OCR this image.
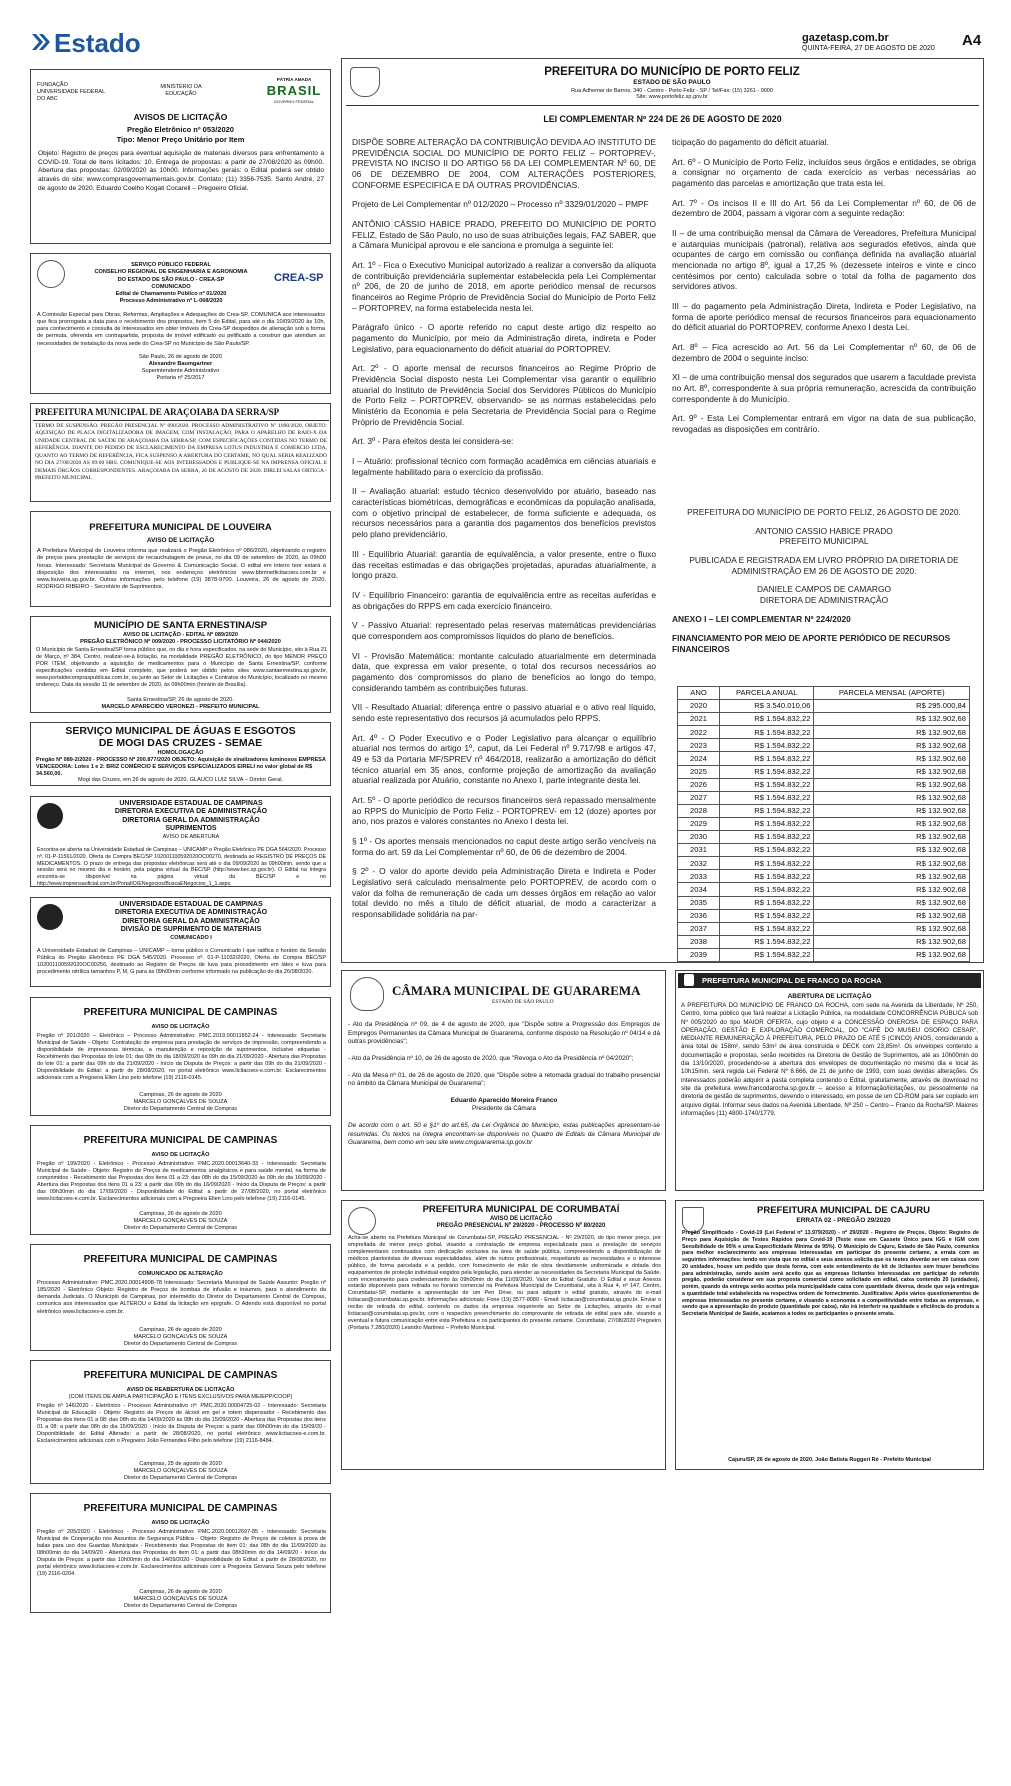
Estado	gazetasp.com.br
QUINTA-FEIRA, 27 DE AGOSTO DE 2020 A4
FUNDAÇÃO UNIVERSIDADE FEDERAL DO ABC
MINISTÉRIO DA EDUCAÇÃO
PÁTRIA AMADA
BRASIL
GOVERNO FEDERAL
AVISOS DE LICITAÇÃO
Pregão Eletrônico nº 053/2020
Tipo: Menor Preço Unitário por Item
Objeto: Registro de preços para eventual aquisição de materiais diversos para enfrentamento a COVID-19. Total de Itens licitados: 10. Entrega de propostas: a partir de 27/08/2020 às 09h00. Abertura das propostas: 02/09/2020 às 10h00. Informações gerais: o Edital poderá ser obtido através do site: www.comprasgovernamentais.gov.br. Contato: (11) 3356-7535. Santo André, 27 de agosto de 2020. Eduardo Coelho Kogati Cocareli – Pregoeiro Oficial.
SERVIÇO PÚBLICO FEDERAL
CONSELHO REGIONAL DE ENGENHARIA E AGRONOMIA
DO ESTADO DE SÃO PAULO - CREA-SP
COMUNICADO
Edital de Chamamento Público nº 01/2020
Processo Administrativo nº L-068/2020
CREA-SP
A Comissão Especial para Obras, Reformas, Ampliações e Adequações do Crea-SP, COMUNICA aos interessados que fica prorrogada a data para o recebimento dos propostos, item 5 do Edital, para até o dia 10/09/2020 às 10h, para conhecimento e consulta de interessados em obter imóveis do Crea-SP despeditos de alienação sob a forma de permuta, oferenda em contrapartida, proposta de imóvel edificado ou pelificado a construir que atendam as necessidades de instalação da nova sede do Crea-SP no Município de São Paulo/SP.
São Paulo, 26 de agosto de 2020
Alexandre Baumgartner
Superintendente Administrativo
Portaria nº 25/2017
PREFEITURA MUNICIPAL DE ARAÇOIABA DA SERRA/SP
TERMO DE SUSPENSÃO. PREGÃO PRESENCIAL Nº 090/2020. PROCESSO ADMINISTRATIVO Nº 1090/2020. OBJETO: AQUISIÇÃO DE PLACA DIGITALIZADORA DE IMAGEM, COM INSTALAÇÃO, PARA O APARELHO DE RAIO-X DA UNIDADE CENTRAL DE SAÚDE DE ARAÇOIABA DA SERRA/SP, COM ESPECIFICAÇÕES CONTIDAS NO TERMO DE REFERÊNCIA. DIANTE DO PEDIDO DE ESCLARECIMENTO DA EMPRESA LOTUS INDUSTRIA E COMERCIO LTDA, QUANTO AO TERMO DE REFERÊNCIA, FICA SUSPENSO A ABERTURA DO CERTAME, NO QUAL SERIA REALIZADO NO DIA 27/08/2020 AS 09:00 HRS. COMUNIQUE-SE AOS INTERESSADOS E PUBLIQUE-SE NA IMPRENSA OFICIAL E DEMAIS ÓRGÃOS CORRESPONDENTES. ARAÇOIABA DA SERRA, 26 DE AGOSTO DE 2020. DIRLEI SALAS ORTEGA - PREFEITO MUNICIPAL
PREFEITURA MUNICIPAL DE LOUVEIRA
AVISO DE LICITAÇÃO
A Prefeitura Municipal de Louveira informa que realizará o Pregão Eletrônico nº 086/2020, objetivando o registro de preços para prestação de serviços de recauchutagem de pneus, no dia 09 de setembro de 2020, às 09h00 horas. Interessado: Secretaria Municipal de Governo & Comunicação Social. O edital em inteiro teor estará à disposição dos interessados na internet, nos endereços eletrônicos www.bbmnetlicitacoes.com.br e www.louveira.sp.gov.br. Outras informações pelo telefone (19) 3878-9700. Louveira, 26 de agosto de 2020. RODRIGO RIBEIRO - Secretário de Suprimentos.
MUNICÍPIO DE SANTA ERNESTINA/SP
AVISO DE LICITAÇÃO - EDITAL Nº 089/2020
PREGÃO ELETRÔNICO Nº 009/2020 - PROCESSO LICITATÓRIO Nº 044/2020
O Município de Santa Ernestina/SP torna público que, no dia e hora especificados, na sede do Município, sito à Rua 21 de Março, nº 384, Centro, realizar-se-á licitação, na modalidade PREGÃO ELETRÔNICO, do tipo MENOR PREÇO POR ITEM, objetivando a aquisição de medicamentos para o Município de Santa Ernestina/SP, conforme especificações contidas em Edital completo, que poderá ser obtido pelos sites www.santaernestina.sp.gov.br, www.portaldecompraspublicas.com.br, ou junto ao Setor de Licitações e Contratos do Município, localizado no mesmo endereço. Data da sessão 11 de setembro de 2020, às 09h00min (horário de Brasília).
Santa Ernestina/SP, 26 de agosto de 2020.
MARCELO APARECIDO VERONEZI - PREFEITO MUNICIPAL
SERVIÇO MUNICIPAL DE ÁGUAS E ESGOTOS
DE MOGI DAS CRUZES - SEMAE
HOMOLOGAÇÃO
Pregão Nº 089-2/2020 - PROCESSO Nº 200.877/2020 OBJETO: Aquisição de sinalizadores luminosos EMPRESA VENCEDORA: Lotes 1 e 2: BRIZ COMÉRCIO E SERVIÇOS ESPECIALIZADOS EIRELI no valor global de R$ 34.560,00.
Mogi das Cruzes, em 26 de agosto de 2020. GLAUCO LUIZ SILVA – Diretor Geral.
UNIVERSIDADE ESTADUAL DE CAMPINAS
DIRETORIA EXECUTIVA DE ADMINISTRAÇÃO
DIRETORIA GERAL DA ADMINISTRAÇÃO
SUPRIMENTOS
AVISO DE ABERTURA
Encontra-se aberta na Universidade Estadual de Campinas – UNICAMP o Pregão Eletrônico PE DGA 564/2020. Processo nº. 01-P-11561/2020. Oferta de Compra BEC/SP 102001100592020OC00270, destinada ao REGISTRO DE PREÇOS DE MEDICAMENTOS. O prazo de entrega das propostas eletrônicas será até o dia 09/09/2020 às 09h00min, sendo que a sessão será no mesmo dia e horário, pela página virtual da BEC/SP (http://www.bec.sp.gov.br). O Edital na íntegra encontra-se disponível na página virtual da BEC/SP e no http://www.imprensaoficial.com.br/PortalIO/ENegocios/BuscaENegocios_1_1.aspx.
UNIVERSIDADE ESTADUAL DE CAMPINAS
DIRETORIA EXECUTIVA DE ADMINISTRAÇÃO
DIRETORIA GERAL DA ADMINISTRAÇÃO
DIVISÃO DE SUPRIMENTO DE MATERIAIS
COMUNICADO I
A Universidade Estadual de Campinas – UNICAMP – torna público o Comunicado I que ratifica o horário da Sessão Pública do Pregão Eletrônico PE DGA 545/2020. Processo nº. 01-P-11032/2020, Oferta de Compra BEC/SP 102001100592020OC00256, destinado ao Registro de Preços de luva para procedimento em látex e luva para procedimento nitrílica tamanhos P, M, G para às 09h00min conforme informado na publicação do dia 26/08/2020.
PREFEITURA MUNICIPAL DE CAMPINAS
AVISO DE LICITAÇÃO
Pregão nº 201/2020 – Eletrônico – Processo Administrativo: PMC.2019.00011852-24 - Interessado: Secretaria Municipal de Saúde - Objeto: Contratação de empresa para prestação de serviços de impressão, compreendendo a disponibilidade de impressoras térmicas, a manutenção e reposição de suprimentos, inclusive etiquetas - Recebimento das Propostas do lote 01: das 08h do dia 18/09/2020 às 09h do dia 21/09/2020 - Abertura das Propostas do lote 01: a partir das 09h do dia 21/09/2020 - Início da Disputa de Preços: a partir das 09h do dia 21/09/2020 - Disponibilidade do Edital: a partir de 28/08/2020, no portal eletrônico www.licitacoes-e.com.br. Esclarecimentos adicionais com a Pregoeira Ellen Lino pelo telefone (19) 2116-0145.
Campinas, 26 de agosto de 2020
MARCELO GONÇALVES DE SOUZA
Diretor do Departamento Central de Compras
PREFEITURA MUNICIPAL DE CAMPINAS
AVISO DE LICITAÇÃO
Pregão nº 199/2020 - Eletrônico - Processo Administrativo: PMC.2020.00013640-33 - Interessado: Secretaria Municipal de Saúde - Objeto: Registro de Preços de medicamentos analgésicos e para saúde mental, na forma de comprimidos - Recebimento das Propostas dos itens 01 a 23: das 08h do dia 15/09/2020 às 09h do dia 16/09/2020 - Abertura das Propostas dos itens 01 a 23: a partir das 09h do dia 16/09/2020 - Início da Disputa de Preços: a partir das 09h30min do dia 17/09/2020 - Disponibilidade do Edital: a partir de 27/08/2020, no portal eletrônico www.licitacoes-e.com.br. Esclarecimentos adicionais com a Pregoeira Ellen Lino pelo telefone (19) 2116-0145.
Campinas, 26 de agosto de 2020
MARCELO GONÇALVES DE SOUZA
Diretor do Departamento Central de Compras
PREFEITURA MUNICIPAL DE CAMPINAS
COMUNICADO DE ALTERAÇÃO
Processo Administrativo: PMC.2020.00014908-78 Interessado: Secretaria Municipal de Saúde Assunto: Pregão nº 185/2020 - Eletrônico Objeto: Registro de Preços de bombas de infusão e insumos, para o atendimento da demanda Judiciais. O Município de Campinas, por intermédio do Diretor do Departamento Central de Compras, comunica aos interessados que ALTEROU o Edital da licitação em epígrafe. O Adendo está disponível no portal eletrônico www.licitacoes-e.com.br.
Campinas, 26 de agosto de 2020
MARCELO GONÇALVES DE SOUZA
Diretor do Departamento Central de Compras
PREFEITURA MUNICIPAL DE CAMPINAS
AVISO DE REABERTURA DE LICITAÇÃO
(COM ITENS DE AMPLA PARTICIPAÇÃO E ITENS EXCLUSIVOS PARA ME/EPP/COOP)
Pregão nº 146/2020 - Eletrônico - Processo Administrativo nº: PMC.2020.00004725-02 - Interessado: Secretaria Municipal de Educação - Objeto: Registro de Preços de álcool em gel e totem dispensador - Recebimento das Propostas dos itens 01 a 08: das 08h do dia 14/09/2020 às 08h do dia 15/09/2020 - Abertura das Propostas dos itens 01 a 08: a partir das 08h do dia 15/09/2020 - Início da Disputa de Preços: a partir das 09h00min do dia 15/09/20 - Disponibilidade do Edital Alterado: a partir de 28/08/2020, no portal eletrônico www.licitacoes-e.com.br. Esclarecimentos adicionais com o Pregoeiro João Fernandes Filho pelo telefone (19) 2116-8484.
Campinas, 25 de agosto de 2020
MARCELO GONÇALVES DE SOUZA
Diretor do Departamento Central de Compras
PREFEITURA MUNICIPAL DE CAMPINAS
AVISO DE LICITAÇÃO
Pregão nº 205/2020 - Eletrônico - Processo Administrativo: PMC.2020.00012697-85 - Interessado: Secretaria Municipal de Cooperação nos Assuntos de Segurança Pública - Objeto: Registro de Preços de coletes à prova de balas para uso dos Guardas Municipais - Recebimento das Propostas do item 01: das 08h do dia 11/09/2020 às 08h00min do dia 14/09/20 - Abertura das Propostas do item 01: a partir das 08h30min do dia 14/09/20 - Início da Disputa de Preços: a partir das 10h00min do dia 14/09/2020 - Disponibilidade do Edital: a partir de 28/08/2020, no portal eletrônico www.licitacoes-e.com.br. Esclarecimentos adicionais com a Pregoeira Giovana Souza pelo telefone (19) 2116-0204.
Campinas, 26 de agosto de 2020
MARCELO GONÇALVES DE SOUZA
Diretor do Departamento Central de Compras
PREFEITURA DO MUNICÍPIO DE PORTO FELIZ
ESTADO DE SÃO PAULO
Rua Adhemar de Barros, 340 - Centro - Porto Feliz - SP / Tel/Fax: (15) 3261 - 9000
Site: www.portofeliz.sp.gov.br
LEI COMPLEMENTAR Nº 224 DE 26 DE AGOSTO DE 2020

DISPÕE SOBRE ALTERAÇÃO DA CONTRIBUIÇÃO DEVIDA AO INSTITUTO DE PREVIDÊNCIA SOCIAL DO MUNICÍPIO DE PORTO FELIZ – PORTOPREV-, PREVISTA NO INCISO II DO ARTIGO 56 DA LEI COMPLEMENTAR Nº 60, DE 06 DE DEZEMBRO DE 2004, COM ALTERAÇÕES POSTERIORES, CONFORME ESPECIFICA E DÁ OUTRAS PROVIDÊNCIAS.

Projeto de Lei Complementar nº 012/2020 – Processo nº 3329/01/2020 – PMPF

ANTÔNIO CÁSSIO HABICE PRADO, PREFEITO DO MUNICÍPIO DE PORTO FELIZ, Estado de São Paulo, no uso de suas atribuições legais, FAZ SABER, que a Câmara Municipal aprovou e ele sanciona e promulga a seguinte lei:

Art. 1º - Fica o Executivo Municipal autorizado a realizar a conversão da alíquota de contribuição previdenciária suplementar estabelecida pela Lei Complementar nº 206, de 20 de junho de 2018, em aporte periódico mensal de recursos financeiros ao Regime Próprio de Previdência Social do Município de Porto Feliz – PORTOPREV, na forma estabelecida nesta lei.

Parágrafo único - O aporte referido no caput deste artigo diz respeito ao pagamento do Município, por meio da Administração direta, indireta e Poder Legislativo, para equacionamento do déficit atuarial do PORTOPREV.

Art. 2º - O aporte mensal de recursos financeiros ao Regime Próprio de Previdência Social disposto nesta Lei Complementar visa garantir o equilíbrio atuarial do Instituto de Previdência Social dos Servidores Públicos do Município de Porto Feliz – PORTOPREV, observando- se as normas estabelecidas pelo Ministério da Economia e pela Secretaria de Previdência Social para o Regime Próprio de Previdência Social.

Art. 3º - Para efeitos desta lei considera-se:

I – Atuário: profissional técnico com formação acadêmica em ciências atuariais e legalmente habilitado para o exercício da profissão.

II – Avaliação atuarial: estudo técnico desenvolvido por atuário, baseado nas características biométricas, demográficas e econômicas da população analisada, com o objetivo principal de estabelecer, de forma suficiente e adequada, os recursos necessários para a garantia dos pagamentos dos benefícios previstos pelo plano previdenciário.

III - Equilíbrio Atuarial: garantia de equivalência, a valor presente, entre o fluxo das receitas estimadas e das obrigações projetadas, apuradas atuarialmente, a longo prazo.

IV - Equilíbrio Financeiro: garantia de equivalência entre as receitas auferidas e as obrigações do RPPS em cada exercício financeiro.

V - Passivo Atuarial: representado pelas reservas matemáticas previdenciárias que correspondem aos compromissos líquidos do plano de benefícios.

VI - Provisão Matemática: montante calculado atuarialmente em determinada data, que expressa em valor presente, o total dos recursos necessários ao pagamento dos compromissos do plano de benefícios ao longo do tempo, considerando também as contribuições futuras.

VII - Resultado Atuarial: diferença entre o passivo atuarial e o ativo real líquido, sendo este representativo dos recursos já acumulados pelo RPPS.

Art. 4º - O Poder Executivo e o Poder Legislativo para alcançar o equilíbrio atuarial nos termos do artigo 1º, caput, da Lei Federal nº 9.717/98 e artigos 47, 49 e 53 da Portaria MF/SPREV nº 464/2018, realizarão a amortização do déficit técnico atuarial em 35 anos, conforme projeção de amortização da avaliação atuarial realizada por Atuário, constante no Anexo I, parte integrante desta lei.

Art. 5º - O aporte periódico de recursos financeiros será repassado mensalmente ao RPPS do Município de Porto Feliz - PORTOPREV- em 12 (doze) aportes por ano, nos prazos e valores constantes no Anexo I desta lei.

§ 1º - Os aportes mensais mencionados no caput deste artigo serão vencíveis na forma do art. 59 da Lei Complementar nº 60, de 06 de dezembro de 2004.

§ 2º - O valor do aporte devido pela Administração Direta e Indireta e Poder Legislativo será calculado mensalmente pelo PORTOPREV, de acordo com o valor da folha de remuneração de cada um desses órgãos em relação ao valor total devido no mês a título de déficit atuarial, de modo a caracterizar a responsabilidade solidária na par-

ticipação do pagamento do déficit atuarial.

Art. 6º - O Município de Porto Feliz, incluídos seus órgãos e entidades, se obriga a consignar no orçamento de cada exercício as verbas necessárias ao pagamento das parcelas e amortização que trata esta lei.

Art. 7º - Os incisos II e III do Art. 56 da Lei Complementar nº 60, de 06 de dezembro de 2004, passam a vigorar com a seguinte redação:

II – de uma contribuição mensal da Câmara de Vereadores, Prefeitura Municipal e autarquias municipais (patronal), relativa aos segurados efetivos, ainda que ocupantes de cargo em comissão ou confiança definida na avaliação atuarial mencionada no artigo 8º, igual a 17,25 % (dezessete inteiros e vinte e cinco centésimos por cento) calculada sobre o total da folha de pagamento dos servidores ativos.

III – do pagamento pela Administração Direta, Indireta e Poder Legislativo, na forma de aporte periódico mensal de recursos financeiros para equacionamento do déficit atuarial do PORTOPREV, conforme Anexo I desta Lei.

Art. 8º – Fica acrescido ao Art. 56 da Lei Complementar nº 60, de 06 de dezembro de 2004 o seguinte inciso:

XI – de uma contribuição mensal dos segurados que usarem a faculdade prevista no Art. 8º, correspondente à sua própria remuneração, acrescida da contribuição correspondente à do Município.

Art. 9º - Esta Lei Complementar entrará em vigor na data de sua publicação, revogadas as disposições em contrário.

PREFEITURA DO MUNICÍPIO DE PORTO FELIZ, 26 AGOSTO DE 2020.

ANTONIO CASSIO HABICE PRADO
PREFEITO MUNICIPAL

PUBLICADA E REGISTRADA EM LIVRO PRÓPRIO DA DIRETORIA DE ADMINISTRAÇÃO EM 26 DE AGOSTO DE 2020.

DANIELE CAMPOS DE CAMARGO
DIRETORA DE ADMINISTRAÇÃO

ANEXO I – LEI COMPLEMENTAR Nº 224/2020

FINANCIAMENTO POR MEIO DE APORTE PERIÓDICO DE RECURSOS FINANCEIROS

ANO	PARCELA ANUAL	PARCELA MENSAL (APORTE)
2020	R$ 3.540.010,06	R$ 295.000,84
2021	R$ 1.594.832,22	R$ 132.902,68
2022	R$ 1.594.832,22	R$ 132.902,68
2023	R$ 1.594.832,22	R$ 132.902,68
2024	R$ 1.594.832,22	R$ 132.902,68
2025	R$ 1.594.832,22	R$ 132.902,68
2026	R$ 1.594.832,22	R$ 132.902,68
2027	R$ 1.594.832,22	R$ 132.902,68
2028	R$ 1.594.832,22	R$ 132.902,68
2029	R$ 1.594.832,22	R$ 132.902,68
2030	R$ 1.594.832,22	R$ 132.902,68
2031	R$ 1.594.832,22	R$ 132.902,68
2032	R$ 1.594.832,22	R$ 132.902,68
2033	R$ 1.594.832,22	R$ 132.902,68
2034	R$ 1.594.832,22	R$ 132.902,68
2035	R$ 1.594.832,22	R$ 132.902,68
2036	R$ 1.594.832,22	R$ 132.902,68
2037	R$ 1.594.832,22	R$ 132.902,68
2038	R$ 1.594.832,22	R$ 132.902,68
2039	R$ 1.594.832,22	R$ 132.902,68

CÂMARA MUNICIPAL DE GUARAREMA
ESTADO DE SÃO PAULO

- Ato da Presidência nº 09, de 4 de agosto de 2020, que "Dispõe sobre a Progressão dos Empregos de Empregos Permanentes da Câmara Municipal de Guararema, conforme disposto na Resolução nº 04/14 e dá outras providências";

- Ato da Presidência nº 10, de 26 de agosto de 2020, que "Revoga o Ato da Presidência nº 04/2020";

- Ato da Mesa nº 01, de 26 de agosto de 2020, que "Dispõe sobre a retomada gradual do trabalho presencial no âmbito da Câmara Municipal de Guararema";

Eduardo Aparecido Moreira Franco
Presidente da Câmara

De acordo com o art. 50 e §1º do art.65, da Lei Orgânica do Município, estas publicações apresentam-se resumidas. Os textos na íntegra encontram-se disponíveis no Quadro de Editais da Câmara Municipal de Guararema, bem como em seu site www.cmguararema.sp.gov.br

PREFEITURA MUNICIPAL DE FRANCO DA ROCHA
ABERTURA DE LICITAÇÃO
A PREFEITURA DO MUNICÍPIO DE FRANCO DA ROCHA, com sede na Avenida da Liberdade, Nº 250, Centro, torna público que fará realizar a Licitação Pública, na modalidade CONCORRÊNCIA PÚBLICA sob Nº 005/2020 do tipo MAIOR OFERTA, cujo objeto é a CONCESSÃO ONEROSA DE ESPAÇO PARA OPERAÇÃO, GESTÃO E EXPLORAÇÃO COMERCIAL, DO "CAFÉ DO MUSEU OSORIO CESAR", MEDIANTE REMUNERAÇÃO À PREFEITURA, PELO PRAZO DE ATÉ 5 (CINCO) ANOS, considerando a área total de 158m², sendo 53m² de área construída e DECK com 23,85m². Os envelopes contendo a documentação e propostas, serão recebidos na Diretoria de Gestão de Suprimentos, até as 10h00min do dia 13/10/2020, procedendo-se a abertura dos envelopes de documentação no mesmo dia e local às 10h15min. será regida Lei Federal Nº 8.666, de 21 de junho de 1993, com suas devidas alterações. Os interessados poderão adquirir a pasta completa contendo o Edital, gratuitamente, através de download no site da prefeitura www.francodarocha.sp.gov.br – acesso a Informação/licitações, ou pessoalmente na diretoria de gestão de suprimentos, devendo o interessado, em posse de um CD-ROM para ser copiado em arquivo digital. Informar seus dados na Avenida Liberdade, Nº 250 – Centro – Franco da Rocha/SP. Maiores informações (11) 4800-1740/1779.
PREFEITURA MUNICIPAL DE CORUMBATAÍ
AVISO DE LICITAÇÃO
PREGÃO PRESENCIAL Nº 29/2020 - PROCESSO Nº 80/2020
Acha-se aberto na Prefeitura Municipal de Corumbataí-SP, PREGÃO PRESENCIAL - Nº 29/2020, do tipo menor preço, por empreitada de menor preço global, visando a contratação de empresa especializada para a prestação de serviços complementares continuados com dedicação exclusiva na área de saúde pública, compreendendo a disponibilização de médicos plantonistas de diversas especialidades, além de outros profissionais, respeitando as necessidades e o interesse público, de forma parcelada e a pedido, com fornecimento de mão de obra devidamente uniformizada e dotada dos equipamentos de proteção individual exigidos pela legislação, para atender as necessidades da Secretaria Municipal da Saúde, com encerramento para credenciamento às 09h00min do dia 11/09/2020. Valor do Edital: Gratuito. O Edital e seus Anexos estarão disponíveis para retirada no horário comercial na Prefeitura Municipal de Corumbataí, sita à Rua 4, nº 147, Centro, Corumbataí-SP, mediante a apresentação de um Pen Drive, ou para adquirir o edital gratuito, através do e-mail licitacao@corumbatai.sp.gov.br. Informações adicionais: Fone (19) 3577-8080 - Email: licitacao@corumbatai.sp.gov.br. Enviar o recibo de retirada do edital, contendo os dados da empresa requerente ao Setor de Licitações, através do e-mail licitacao@corumbatai.sp.gov.br, com o respectivo preenchimento do comprovante de retirada de edital para site, visando a eventual e futura comunicação entre esta Prefeitura e os participantes do presente certame. Corumbataí, 27/08/2020 Pregoeiro (Portaria 7.280/2020) Leandro Martinez – Prefeito Municipal.
PREFEITURA MUNICIPAL DE CAJURU
ERRATA 02 - PREGÃO 29/2020
Pregão Simplificado - Covid-19 (Lei Federal nº 13.979/2020) - nº 29/2020 - Registro de Preços. Objeto: Registro de Preço para Aquisição de Testes Rápidos para Covid-19 (Teste esse em Cassete Único para IGG e IGM com Sensibilidade de 95% e uma Especificidade Mínima de 95%). O Município de Cajuru, Estado de São Paulo, comunica para melhor esclarecimento aos empresas interessadas em participar do presente certame, a errata com as seguintes informações: tendo em vista que no edital e seus anexos solicita que os testes deverão ser em caixas com 20 unidades, houve um pedido que desta forma, com este entendimento de kit de licitantes sem trazer benefícios para administração, sendo assim será aceito que as empresas licitantes interessadas em participar do referido pregão, poderão considerar em sua proposta comercial como solicitado em edital, caixa contendo 20 (unidades), porém, quando da entrega serão aceitas pela municipalidade caixa com quantidade diversa, desde que seja entregue a quantidade total estabelecida na respectiva ordem de fornecimento. Justificativa: Após vários questionamentos de empresas interessadas no presente certame, e visando a economia e a competitividade entre todas as empresas, e sendo que a apresentação do produto (quantidade por caixa), não irá interferir na qualidade e eficiência do produto a Secretaria Municipal de Saúde, acatamos a todos os participantes o presente errata.
Cajuru/SP, 26 de agosto de 2020. João Batista Ruggeri Ré - Prefeito Municipal
